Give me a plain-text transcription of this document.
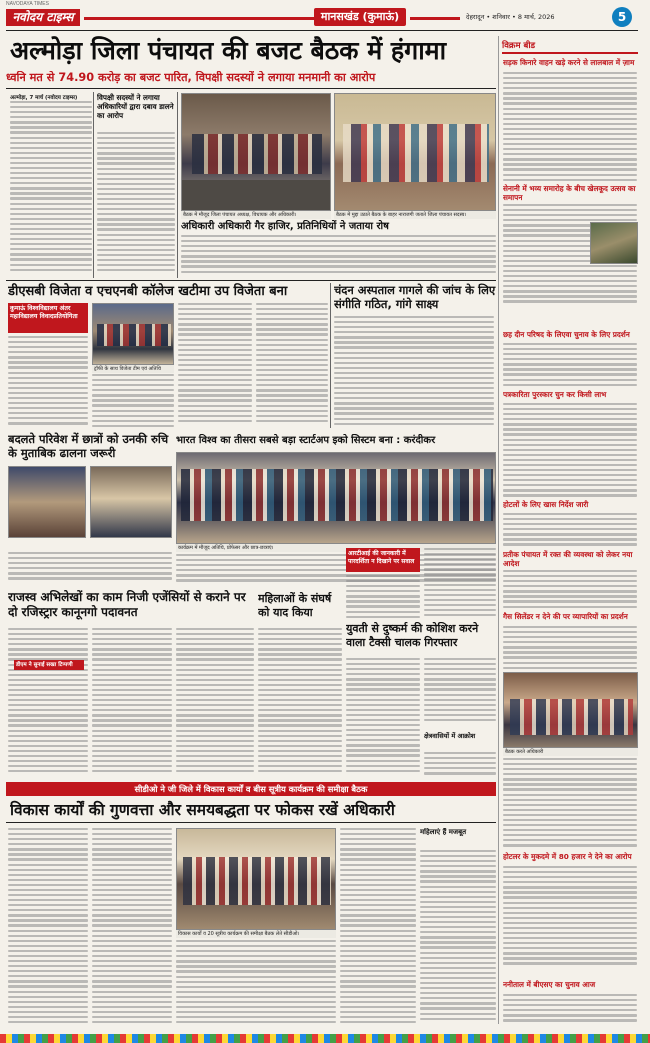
NAVODAYA TIMES
नवोदय टाइम्स	मानसखंड (कुमाऊं)	देहरादून • शनिवार • 8 मार्च, 2026	5
अल्मोड़ा जिला पंचायत की बजट बैठक में हंगामा
ध्वनि मत से 74.90 करोड़ का बजट पारित, विपक्षी सदस्यों ने लगाया मनमानी का आरोप
अल्मोड़ा, 7 मार्च (नवोदय टाइम्स)	विपक्षी सदस्यों ने लगाया अधिकारियों द्वारा दबाव डालने का आरोप
बैठक में मौजूद जिला पंचायत अध्यक्ष, विधायक और अधिकारी।	बैठक में मुद्दा उठाते बैठक के बाहर नाराजगी जताते जिला पंचायत सदस्य।
अधिकारी अधिकारी गैर हाजिर, प्रतिनिधियों ने जताया रोष
विक्रम बीड
सड़क किनारे वाहन खड़े करने से लालबाल में ज़ाम
सेनानी में भव्य समारोह के बीच खेलकूद उत्सव का समापन
छह दीन परिषद के लिएवा चुनाव के लिए प्रदर्शन
पत्रकारिता पुरस्कार चुन कर किसी लाभ
होटलों के लिए खास निर्देश जारी
प्रतीक पंचायत में रक्त की व्यवस्था को लेकर नया आदेश
गैस सिलेंडर न देने की पर व्यापारियों का प्रदर्शन
बैठक करते अधिकारी
होटलर के मुकदमे में 80 हजार ने देने का आरोप
ननीताल में बीएसए का चुनाव आज
डीएसबी विजेता व एचएनबी कॉलेज खटीमा उप विजेता बना	चंदन अस्पताल गागले की जांच के लिए संगीति गठित, गांगे साक्ष्य
कुमाऊं विश्वविद्यालय अंतर महाविद्यालय विवादप्रतियोगिता
ट्रॉफी के साथ विजेता टीम एवं अतिथि
बदलते परिवेश में छात्रों को उनकी रुचि के मुताबिक ढालना जरूरी
भारत विश्व का तीसरा सबसे बड़ा स्टार्टअप इको सिस्टम बना : करंदीकर
कार्यक्रम में मौजूद अतिथि, प्रोफेसर और छात्र-छात्राएं।
राजस्व अभिलेखों का काम निजी एजेंसियों से कराने पर दो रजिस्ट्रार कानूनगो पदावनत
डीएम ने सुनाई सख्त टिप्पणी
महिलाओं के संघर्ष को याद किया
आरटीआई की जानकारी में पारदर्शिता न दिखाने पर सवाल
युवती से दुष्कर्म की कोशिश करने वाला टैक्सी चालक गिरफ्तार
क्षेत्रवासियों में आक्रोश
सीडीओ ने जी जिले में विकास कार्यों व बीस सूत्रीय कार्यक्रम की समीक्षा बैठक
विकास कार्यों की गुणवत्ता और समयबद्धता पर फोकस रखें अधिकारी
विकास कार्यों व 20 सूत्रीय कार्यक्रम की समीक्षा बैठक लेते सीडीओ।
महिलाएं हैं मजबूत
